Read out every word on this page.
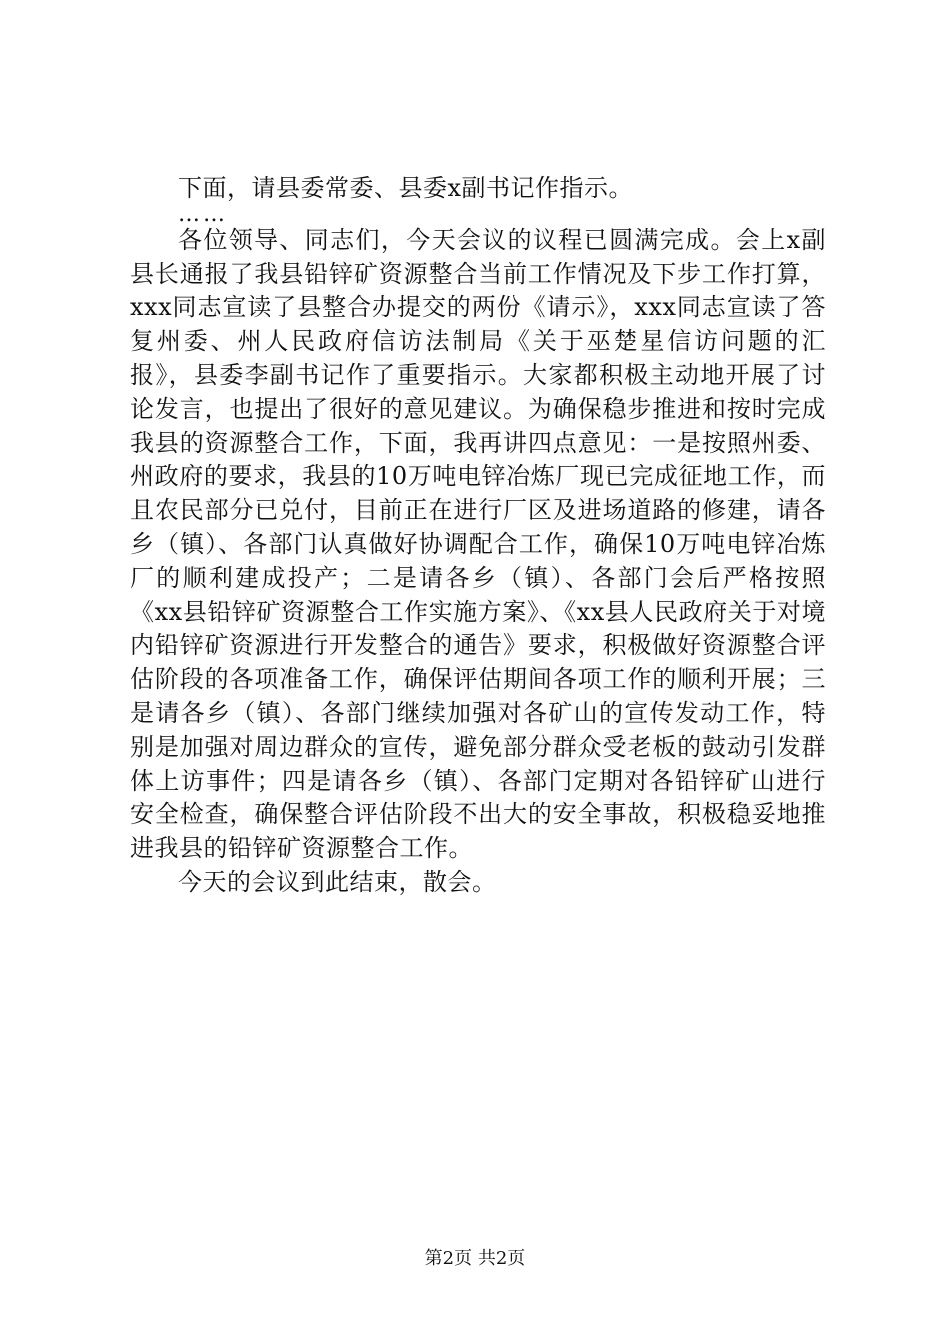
下面，请县委常委、县委x副书记作指示。

……

各位领导、同志们，今天会议的议程已圆满完成。会上x副县长通报了我县铅锌矿资源整合当前工作情况及下步工作打算，xxx同志宣读了县整合办提交的两份《请示》，xxx同志宣读了答复州委、州人民政府信访法制局《关于巫楚星信访问题的汇报》，县委李副书记作了重要指示。大家都积极主动地开展了讨论发言，也提出了很好的意见建议。为确保稳步推进和按时完成我县的资源整合工作，下面，我再讲四点意见：一是按照州委、州政府的要求，我县的10万吨电锌冶炼厂现已完成征地工作，而且农民部分已兑付，目前正在进行厂区及进场道路的修建，请各乡（镇）、各部门认真做好协调配合工作，确保10万吨电锌冶炼厂的顺利建成投产；二是请各乡（镇）、各部门会后严格按照《xx县铅锌矿资源整合工作实施方案》、《xx县人民政府关于对境内铅锌矿资源进行开发整合的通告》要求，积极做好资源整合评估阶段的各项准备工作，确保评估期间各项工作的顺利开展；三是请各乡（镇）、各部门继续加强对各矿山的宣传发动工作，特别是加强对周边群众的宣传，避免部分群众受老板的鼓动引发群体上访事件；四是请各乡（镇）、各部门定期对各铅锌矿山进行安全检查，确保整合评估阶段不出大的安全事故，积极稳妥地推进我县的铅锌矿资源整合工作。

今天的会议到此结束，散会。

第2页 共2页
